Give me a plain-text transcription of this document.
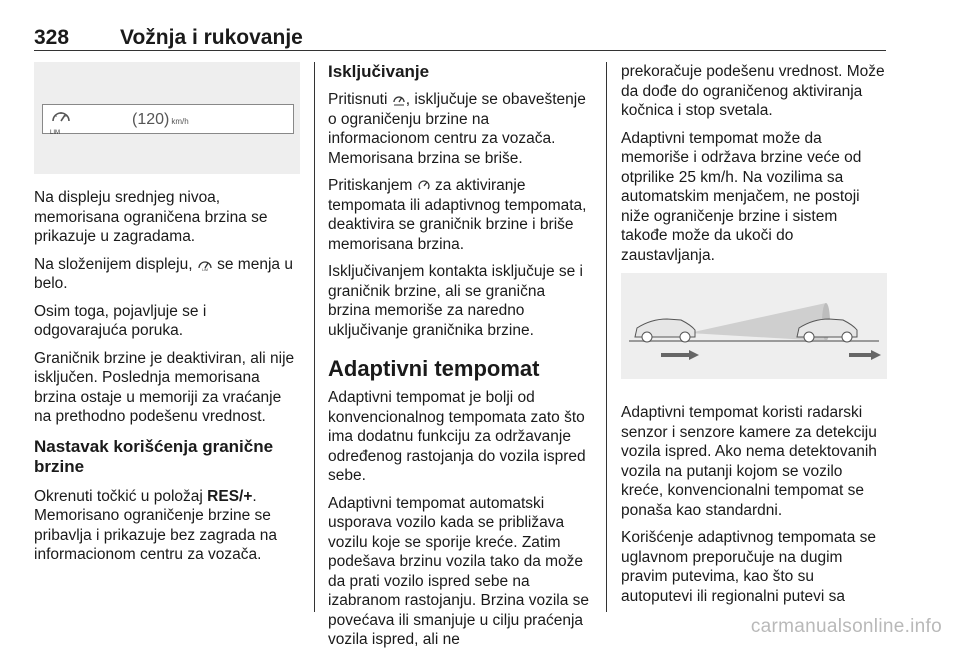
328 Vožnja i rukovanje
LIM
(120) km/h

Na displeju srednjeg nivoa, memorisana ograničena brzina se prikazuje u zagradama.

Na složenijem displeju, LIM se menja u belo.

Osim toga, pojavljuje se i odgovarajuća poruka.

Graničnik brzine je deaktiviran, ali nije isključen. Poslednja memorisana brzina ostaje u memoriji za vraćanje na prethodno podešenu vrednost.

Nastavak korišćenja granične brzine

Okrenuti točkić u položaj RES/+. Memorisano ograničenje brzine se pribavlja i prikazuje bez zagrada na informacionom centru za vozača.

Isključivanje

Pritisnuti , isključuje se obaveštenje o ograničenju brzine na informacionom centru za vozača. Memorisana brzina se briše.

Pritiskanjem  za aktiviranje tempomata ili adaptivnog tempomata, deaktivira se graničnik brzine i briše memorisana brzina.

Isključivanjem kontakta isključuje se i graničnik brzine, ali se granična brzina memoriše za naredno uključivanje graničnika brzine.

Adaptivni tempomat

Adaptivni tempomat je bolji od konvencionalnog tempomata zato što ima dodatnu funkciju za održavanje određenog rastojanja do vozila ispred sebe.

Adaptivni tempomat automatski usporava vozilo kada se približava vozilu koje se sporije kreće. Zatim podešava brzinu vozila tako da može da prati vozilo ispred sebe na izabranom rastojanju. Brzina vozila se povećava ili smanjuje u cilju praćenja vozila ispred, ali ne

prekoračuje podešenu vrednost. Može da dođe do ograničenog aktiviranja kočnica i stop svetala.

Adaptivni tempomat može da memoriše i održava brzine veće od otprilike 25 km/h. Na vozilima sa automatskim menjačem, ne postoji niže ograničenje brzine i sistem takođe može da ukoči do zaustavljanja.

Adaptivni tempomat koristi radarski senzor i senzore kamere za detekciju vozila ispred. Ako nema detektovanih vozila na putanji kojom se vozilo kreće, konvencionalni tempomat se ponaša kao standardni.

Korišćenje adaptivnog tempomata se uglavnom preporučuje na dugim pravim putevima, kao što su autoputevi ili regionalni putevi sa

carmanualsonline.info
